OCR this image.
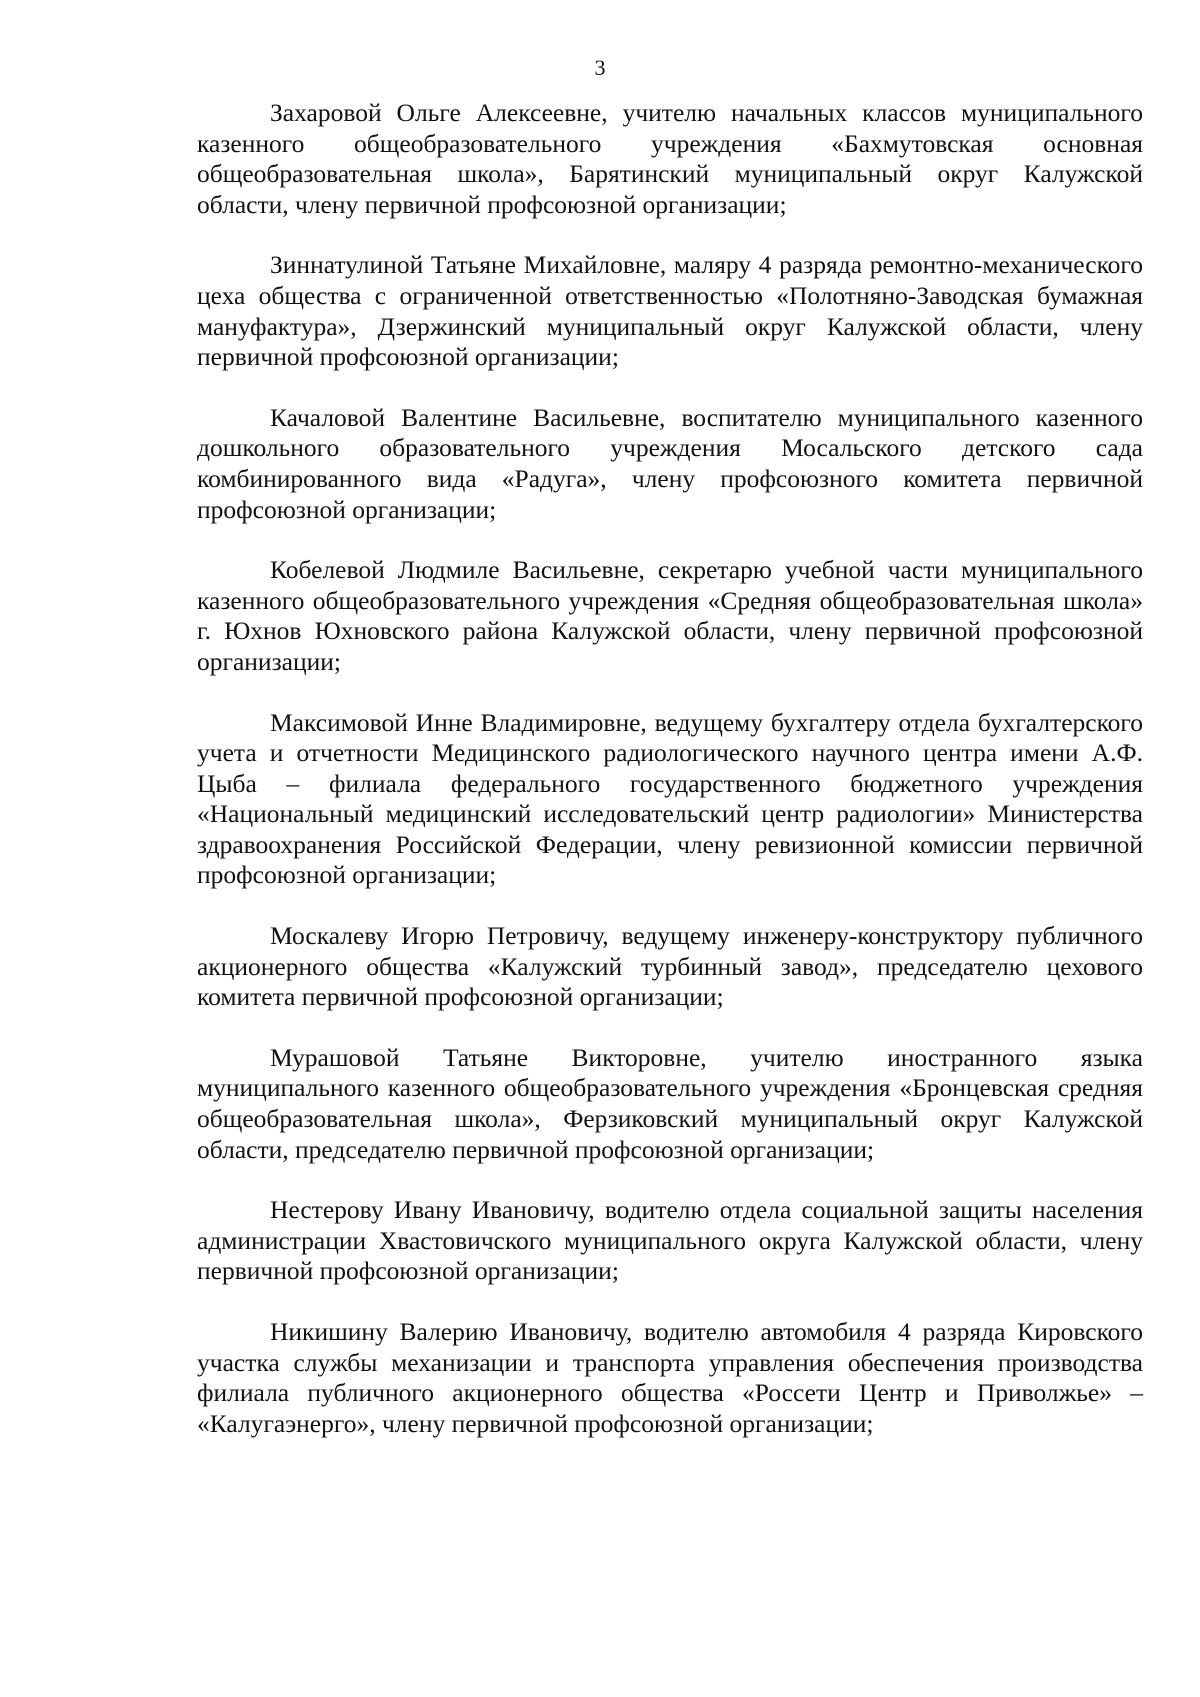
3

Захаровой Ольге Алексеевне, учителю начальных классов муниципального казенного общеобразовательного учреждения «Бахмутовская основная общеобразовательная школа», Барятинский муниципальный округ Калужской области, члену первичной профсоюзной организации;

Зиннатулиной Татьяне Михайловне, маляру 4 разряда ремонтно-механического цеха общества с ограниченной ответственностью «Полотняно-Заводская бумажная мануфактура», Дзержинский муниципальный округ Калужской области, члену первичной профсоюзной организации;

Качаловой Валентине Васильевне, воспитателю муниципального казенного дошкольного образовательного учреждения Мосальского детского сада комбинированного вида «Радуга», члену профсоюзного комитета первичной профсоюзной организации;

Кобелевой Людмиле Васильевне, секретарю учебной части муниципального казенного общеобразовательного учреждения «Средняя общеобразовательная школа» г. Юхнов Юхновского района Калужской области, члену первичной профсоюзной организации;

Максимовой Инне Владимировне, ведущему бухгалтеру отдела бухгалтерского учета и отчетности Медицинского радиологического научного центра имени А.Ф. Цыба – филиала федерального государственного бюджетного учреждения «Национальный медицинский исследовательский центр радиологии» Министерства здравоохранения Российской Федерации, члену ревизионной комиссии первичной профсоюзной организации;

Москалеву Игорю Петровичу, ведущему инженеру-конструктору публичного акционерного общества «Калужский турбинный завод», председателю цехового комитета первичной профсоюзной организации;

Мурашовой Татьяне Викторовне, учителю иностранного языка муниципального казенного общеобразовательного учреждения «Бронцевская средняя общеобразовательная школа», Ферзиковский муниципальный округ Калужской области, председателю первичной профсоюзной организации;

Нестерову Ивану Ивановичу, водителю отдела социальной защиты населения администрации Хвастовичского муниципального округа Калужской области, члену первичной профсоюзной организации;

Никишину Валерию Ивановичу, водителю автомобиля 4 разряда Кировского участка службы механизации и транспорта управления обеспечения производства филиала публичного акционерного общества «Россети Центр и Приволжье» – «Калугаэнерго», члену первичной профсоюзной организации;
